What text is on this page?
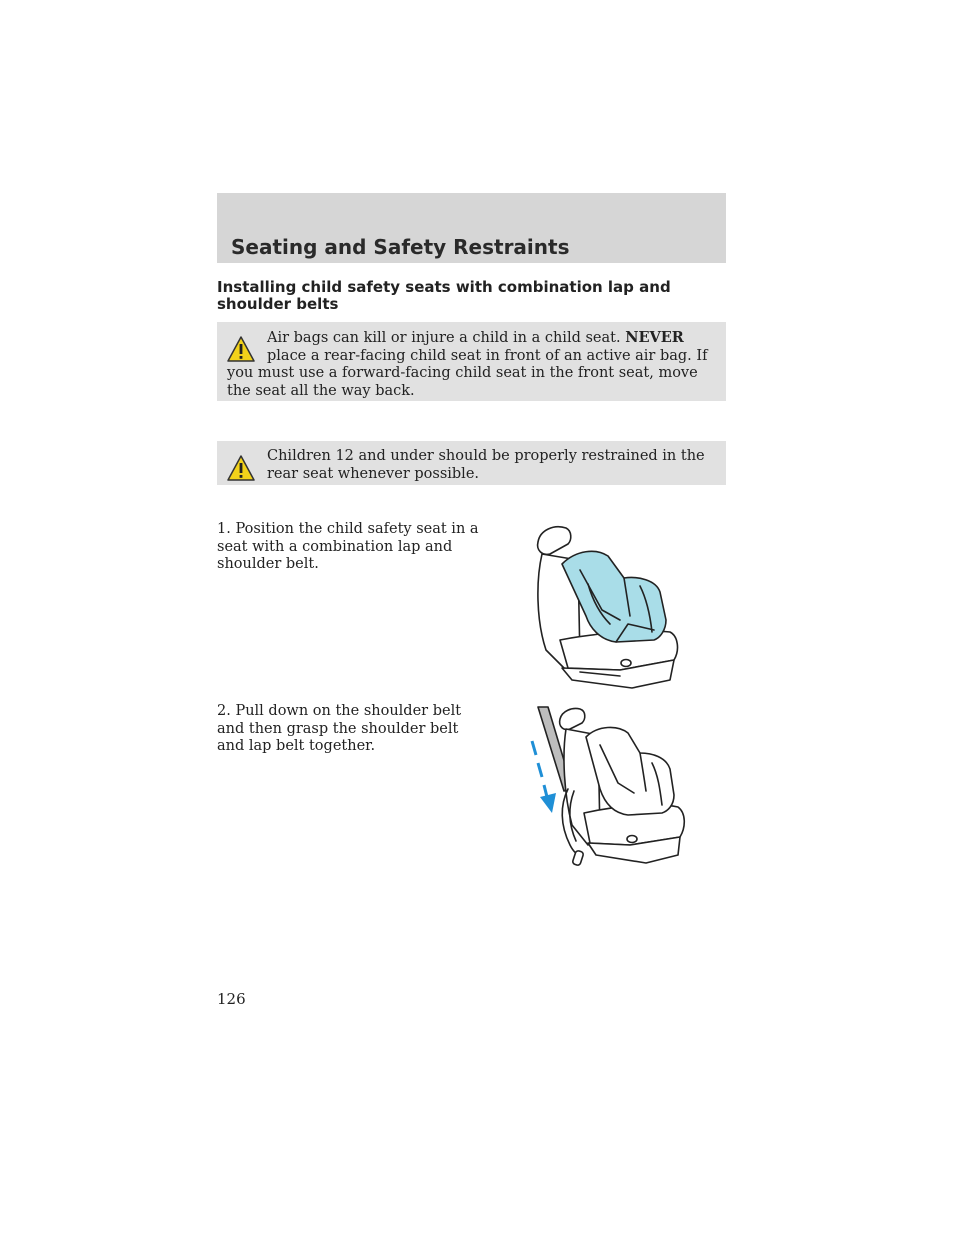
Seating and Safety Restraints
Installing child safety seats with combination lap and shoulder belts
Air bags can kill or injure a child in a child seat. NEVER place a rear-facing child seat in front of an active air bag. If you must use a forward-facing child seat in the front seat, move the seat all the way back.
Children 12 and under should be properly restrained in the rear seat whenever possible.
1. Position the child safety seat in a seat with a combination lap and shoulder belt.
2. Pull down on the shoulder belt and then grasp the shoulder belt and lap belt together.
126
